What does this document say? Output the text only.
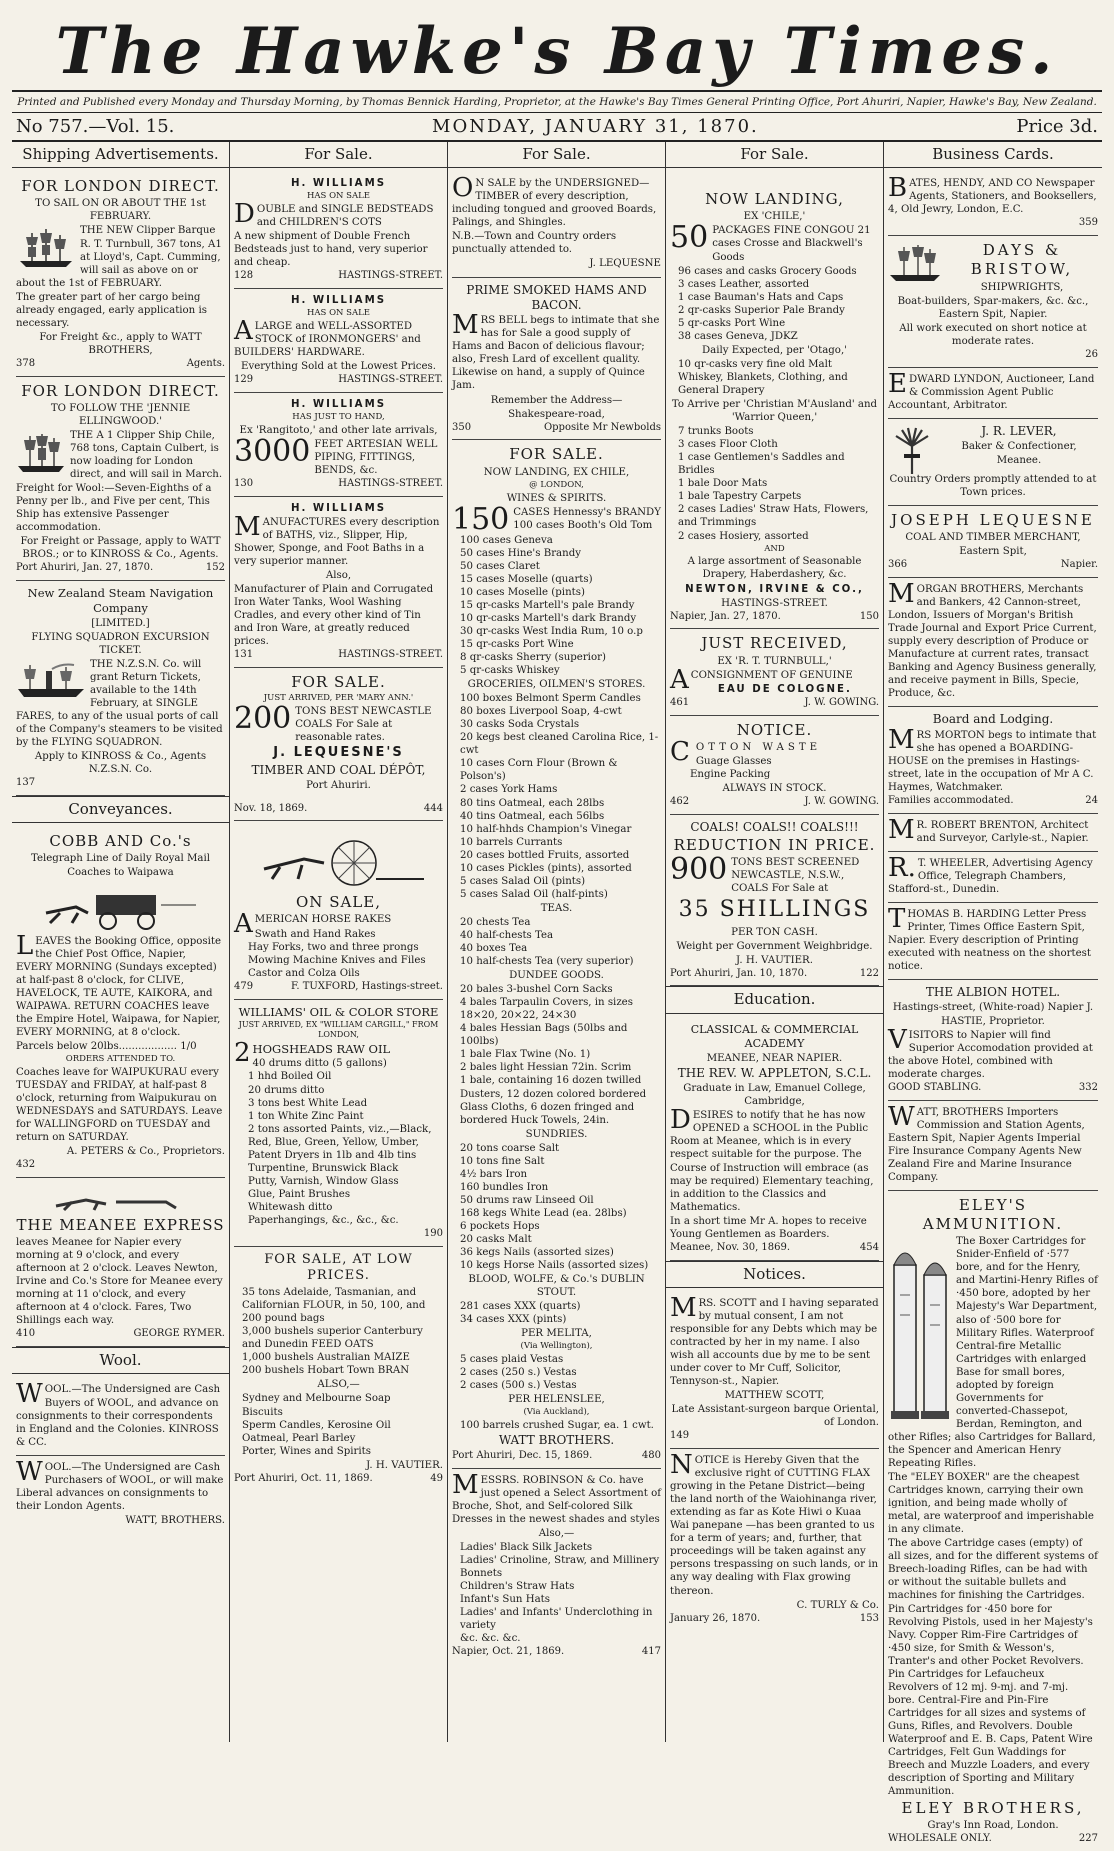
The Hawke's Bay Times.
Printed and Published every Monday and Thursday Morning, by Thomas Bennick Harding, Proprietor, at the Hawke's Bay Times General Printing Office, Port Ahuriri, Napier, Hawke's Bay, New Zealand.
No 757.—Vol. 15.	MONDAY, JANUARY 31, 1870.	Price 3d.
Shipping Advertisements.

FOR LONDON DIRECT.

TO SAIL ON OR ABOUT THE 1st FEBRUARY.

THE NEW Clipper Barque R. T. Turnbull, 367 tons, A1 at Lloyd's, Capt. Cumming, will sail as above on or about the 1st of FEBRUARY.

The greater part of her cargo being already engaged, early application is necessary.

For Freight &c., apply to WATT BROTHERS,

378	Agents.

FOR LONDON DIRECT.

TO FOLLOW THE 'JENNIE ELLINGWOOD.'

THE A 1 Clipper Ship Chile, 768 tons, Captain Culbert, is now loading for London direct, and will sail in March.

Freight for Wool:—Seven-Eighths of a Penny per lb., and Five per cent, This Ship has extensive Passenger accommodation.

For Freight or Passage, apply to WATT BROS.; or to KINROSS & Co., Agents.

Port Ahuriri, Jan. 27, 1870.	152

New Zealand Steam Navigation Company

[LIMITED.]

FLYING SQUADRON EXCURSION TICKET.

THE N.Z.S.N. Co. will grant Return Tickets, available to the 14th February, at SINGLE FARES, to any of the usual ports of call of the Company's steamers to be visited by the FLYING SQUADRON.

Apply to KINROSS & Co., Agents N.Z.S.N. Co.

137
Conveyances.

COBB AND Co.'s

Telegraph Line of Daily Royal Mail Coaches to Waipawa

LEAVES the Booking Office, opposite the Chief Post Office, Napier, EVERY MORNING (Sundays excepted) at half-past 8 o'clock, for CLIVE, HAVELOCK, TE AUTE, KAIKORA, and WAIPAWA. RETURN COACHES leave the Empire Hotel, Waipawa, for Napier, EVERY MORNING, at 8 o'clock.

Parcels below 20lbs.................. 1/0

ORDERS ATTENDED TO.

Coaches leave for WAIPUKURAU every TUESDAY and FRIDAY, at half-past 8 o'clock, returning from Waipukurau on WEDNESDAYS and SATURDAYS. Leave for WALLINGFORD on TUESDAY and return on SATURDAY.

A. PETERS & Co., Proprietors.

432

THE MEANEE EXPRESS

leaves Meanee for Napier every morning at 9 o'clock, and every afternoon at 2 o'clock. Leaves Newton, Irvine and Co.'s Store for Meanee every morning at 11 o'clock, and every afternoon at 4 o'clock. Fares, Two Shillings each way.

410	GEORGE RYMER.
Wool.

WOOL.—The Undersigned are Cash Buyers of WOOL, and advance on consignments to their correspondents in England and the Colonies. KINROSS & CC.

WOOL.—The Undersigned are Cash Purchasers of WOOL, or will make Liberal advances on consignments to their London Agents.

WATT, BROTHERS.

For Sale.

H. WILLIAMS

HAS ON SALE

DOUBLE and SINGLE BEDSTEADS and CHILDREN'S COTS

A new shipment of Double French Bedsteads just to hand, very superior and cheap.

128	HASTINGS-STREET.

H. WILLIAMS

HAS ON SALE

ALARGE and WELL-ASSORTED STOCK of IRONMONGERS' and BUILDERS' HARDWARE.

Everything Sold at the Lowest Prices.

129	HASTINGS-STREET.

H. WILLIAMS

HAS JUST TO HAND,

Ex 'Rangitoto,' and other late arrivals,

3000 FEET ARTESIAN WELL PIPING, FITTINGS, BENDS, &c.

130	HASTINGS-STREET.

H. WILLIAMS

MANUFACTURES every description of BATHS, viz., Slipper, Hip, Shower, Sponge, and Foot Baths in a very superior manner.

Also,

Manufacturer of Plain and Corrugated Iron Water Tanks, Wool Washing Cradles, and every other kind of Tin and Iron Ware, at greatly reduced prices.

131	HASTINGS-STREET.

FOR SALE.

JUST ARRIVED, PER 'MARY ANN.'

200 TONS BEST NEWCASTLE COALS For Sale at reasonable rates.

J. LEQUESNE'S

TIMBER AND COAL DÉPÔT,

Port Ahuriri.

Nov. 18, 1869.	444

ON SALE,

AMERICAN HORSE RAKES

Swath and Hand Rakes
Hay Forks, two and three prongs
Mowing Machine Knives and Files
Castor and Colza Oils

479	F. TUXFORD, Hastings-street.

WILLIAMS' OIL & COLOR STORE

JUST ARRIVED, EX "WILLIAM CARGILL," FROM LONDON,

2HOGSHEADS RAW OIL

40 drums ditto (5 gallons)
1 hhd Boiled Oil
20 drums ditto
3 tons best White Lead
1 ton White Zinc Paint
2 tons assorted Paints, viz.,—Black, Red, Blue, Green, Yellow, Umber, Patent Dryers in 1lb and 4lb tins
Turpentine, Brunswick Black
Putty, Varnish, Window Glass
Glue, Paint Brushes
Whitewash ditto
Paperhangings, &c., &c., &c.

190

FOR SALE, AT LOW PRICES.

35 tons Adelaide, Tasmanian, and Californian FLOUR, in 50, 100, and 200 pound bags
3,000 bushels superior Canterbury and Dunedin FEED OATS
1,000 bushels Australian MAIZE
200 bushels Hobart Town BRAN

ALSO,—

Sydney and Melbourne Soap
Biscuits
Sperm Candles, Kerosine Oil
Oatmeal, Pearl Barley
Porter, Wines and Spirits

J. H. VAUTIER.

Port Ahuriri, Oct. 11, 1869.	49
For Sale.

ON SALE by the UNDERSIGNED—TIMBER of every description, including tongued and grooved Boards, Palings, and Shingles.

N.B.—Town and Country orders punctually attended to.

J. LEQUESNE

PRIME SMOKED HAMS AND BACON.

MRS BELL begs to intimate that she has for Sale a good supply of Hams and Bacon of delicious flavour; also, Fresh Lard of excellent quality. Likewise on hand, a supply of Quince Jam.

Remember the Address—

Shakespeare-road,

350	Opposite Mr Newbolds

FOR SALE.

NOW LANDING, EX CHILE,

@ LONDON,

WINES & SPIRITS.

150 CASES Hennessy's BRANDY 100 cases Booth's Old Tom

100 cases Geneva
50 cases Hine's Brandy
50 cases Claret
15 cases Moselle (quarts)
10 cases Moselle (pints)
15 qr-casks Martell's pale Brandy
10 qr-casks Martell's dark Brandy
30 qr-casks West India Rum, 10 o.p
15 qr-casks Port Wine
8 qr-casks Sherry (superior)
5 qr-casks Whiskey

GROCERIES, OILMEN'S STORES.

100 boxes Belmont Sperm Candles
80 boxes Liverpool Soap, 4-cwt
30 casks Soda Crystals
20 kegs best cleaned Carolina Rice, 1-cwt
10 cases Corn Flour (Brown & Polson's)
2 cases York Hams
80 tins Oatmeal, each 28lbs
40 tins Oatmeal, each 56lbs
10 half-hhds Champion's Vinegar
10 barrels Currants
20 cases bottled Fruits, assorted
10 cases Pickles (pints), assorted
5 cases Salad Oil (pints)
5 cases Salad Oil (half-pints)

TEAS.

20 chests Tea
40 half-chests Tea
40 boxes Tea
10 half-chests Tea (very superior)

DUNDEE GOODS.

20 bales 3-bushel Corn Sacks
4 bales Tarpaulin Covers, in sizes 18×20, 20×22, 24×30
4 bales Hessian Bags (50lbs and 100lbs)
1 bale Flax Twine (No. 1)
2 bales light Hessian 72in. Scrim
1 bale, containing 16 dozen twilled Dusters, 12 dozen colored bordered Glass Cloths, 6 dozen fringed and bordered Huck Towels, 24in.

SUNDRIES.

20 tons coarse Salt
10 tons fine Salt
4½ bars Iron
160 bundles Iron
50 drums raw Linseed Oil
168 kegs White Lead (ea. 28lbs)
6 pockets Hops
20 casks Malt
36 kegs Nails (assorted sizes)
10 kegs Horse Nails (assorted sizes)

BLOOD, WOLFE, & Co.'s DUBLIN STOUT.

281 cases XXX (quarts)
34 cases XXX (pints)

PER MELITA,

(Via Wellington),

5 cases plaid Vestas
2 cases (250 s.) Vestas
2 cases (500 s.) Vestas

PER HELENSLEE,

(Via Auckland),

100 barrels crushed Sugar, ea. 1 cwt.

WATT BROTHERS.

Port Ahuriri, Dec. 15, 1869.	480

MESSRS. ROBINSON & Co. have just opened a Select Assortment of Broche, Shot, and Self-colored Silk Dresses in the newest shades and styles

Also,—

Ladies' Black Silk Jackets
Ladies' Crinoline, Straw, and Millinery Bonnets
Children's Straw Hats
Infant's Sun Hats
Ladies' and Infants' Underclothing in variety
&c. &c. &c.

Napier, Oct. 21, 1869.	417
For Sale.

NOW LANDING,

EX 'CHILE,'

50 PACKAGES FINE CONGOU 21 cases Crosse and Blackwell's Goods

96 cases and casks Grocery Goods
3 cases Leather, assorted
1 case Bauman's Hats and Caps
2 qr-casks Superior Pale Brandy
5 qr-casks Port Wine
38 cases Geneva, JDKZ

Daily Expected, per 'Otago,'

10 qr-casks very fine old Malt Whiskey, Blankets, Clothing, and General Drapery

To Arrive per 'Christian M'Ausland' and 'Warrior Queen,'

7 trunks Boots
3 cases Floor Cloth
1 case Gentlemen's Saddles and Bridles
1 bale Door Mats
1 bale Tapestry Carpets
2 cases Ladies' Straw Hats, Flowers, and Trimmings
2 cases Hosiery, assorted

AND

A large assortment of Seasonable Drapery, Haberdashery, &c.

NEWTON, IRVINE & CO.,

HASTINGS-STREET.

Napier, Jan. 27, 1870.	150

JUST RECEIVED,

EX 'R. T. TURNBULL,'

ACONSIGNMENT OF GENUINE

EAU DE COLOGNE.

461	J. W. GOWING.

NOTICE.

COTTON WASTE

Guage Glasses
Engine Packing

ALWAYS IN STOCK.

462	J. W. GOWING.

COALS! COALS!! COALS!!!

REDUCTION IN PRICE.

900 TONS BEST SCREENED NEWCASTLE, N.S.W., COALS For Sale at

35 SHILLINGS

PER TON CASH.

Weight per Government Weighbridge.

J. H. VAUTIER.

Port Ahuriri, Jan. 10, 1870.	122
Education.

CLASSICAL & COMMERCIAL ACADEMY

MEANEE, NEAR NAPIER.

THE REV. W. APPLETON, S.C.L.

Graduate in Law, Emanuel College, Cambridge,

DESIRES to notify that he has now OPENED a SCHOOL in the Public Room at Meanee, which is in every respect suitable for the purpose. The Course of Instruction will embrace (as may be required) Elementary teaching, in addition to the Classics and Mathematics.

In a short time Mr A. hopes to receive Young Gentlemen as Boarders.

Meanee, Nov. 30, 1869.	454
Notices.

MRS. SCOTT and I having separated by mutual consent, I am not responsible for any Debts which may be contracted by her in my name. I also wish all accounts due by me to be sent under cover to Mr Cuff, Solicitor, Tennyson-st., Napier.

MATTHEW SCOTT,

Late Assistant-surgeon barque Oriental, of London.

149

NOTICE is Hereby Given that the exclusive right of CUTTING FLAX growing in the Petane District—being the land north of the Waiohinanga river, extending as far as Kote Hiwi o Kuaa Wai panepane —has been granted to us for a term of years; and, further, that proceedings will be taken against any persons trespassing on such lands, or in any way dealing with Flax growing thereon.

C. TURLY & Co.

January 26, 1870.	153
Business Cards.

BATES, HENDY, AND CO Newspaper Agents, Stationers, and Booksellers, 4, Old Jewry, London, E.C.

359

DAYS & BRISTOW,

SHIPWRIGHTS,

Boat-builders, Spar-makers, &c. &c., Eastern Spit, Napier.

All work executed on short notice at moderate rates.

26

EDWARD LYNDON, Auctioneer, Land & Commission Agent Public Accountant, Arbitrator.

J. R. LEVER,

Baker & Confectioner,

Meanee.

Country Orders promptly attended to at Town prices.

JOSEPH LEQUESNE

COAL AND TIMBER MERCHANT,

Eastern Spit,

366	Napier.

MORGAN BROTHERS, Merchants and Bankers, 42 Cannon-street, London, Issuers of Morgan's British Trade Journal and Export Price Current, supply every description of Produce or Manufacture at current rates, transact Banking and Agency Business generally, and receive payment in Bills, Specie, Produce, &c.

Board and Lodging.

MRS MORTON begs to intimate that she has opened a BOARDING-HOUSE on the premises in Hastings-street, late in the occupation of Mr A C. Haymes, Watchmaker.

Families accommodated.	24

MR. ROBERT BRENTON, Architect and Surveyor, Carlyle-st., Napier.

R.T. WHEELER, Advertising Agency Office, Telegraph Chambers, Stafford-st., Dunedin.

THOMAS B. HARDING Letter Press Printer, Times Office Eastern Spit, Napier. Every description of Printing executed with neatness on the shortest notice.

THE ALBION HOTEL.

Hastings-street, (White-road) Napier J. HASTIE, Proprietor.

VISITORS to Napier will find Superior Accomodation provided at the above Hotel, combined with moderate charges.

GOOD STABLING.	332

WATT, BROTHERS Importers Commission and Station Agents, Eastern Spit, Napier Agents Imperial Fire Insurance Company Agents New Zealand Fire and Marine Insurance Company.

ELEY'S AMMUNITION.

The Boxer Cartridges for Snider-Enfield of ·577 bore, and for the Henry, and Martini-Henry Rifles of ·450 bore, adopted by her Majesty's War Department, also of ·500 bore for Military Rifles. Waterproof Central-fire Metallic Cartridges with enlarged Base for small bores, adopted by foreign Governments for converted-Chassepot, Berdan, Remington, and other Rifles; also Cartridges for Ballard, the Spencer and American Henry Repeating Rifles.

The "ELEY BOXER" are the cheapest Cartridges known, carrying their own ignition, and being made wholly of metal, are waterproof and imperishable in any climate.

The above Cartridge cases (empty) of all sizes, and for the different systems of Breech-loading Rifles, can be had with or without the suitable bullets and machines for finishing the Cartridges. Pin Cartridges for ·450 bore for Revolving Pistols, used in her Majesty's Navy. Copper Rim-Fire Cartridges of ·450 size, for Smith & Wesson's, Tranter's and other Pocket Revolvers. Pin Cartridges for Lefaucheux Revolvers of 12 mj. 9-mj. and 7-mj. bore. Central-Fire and Pin-Fire Cartridges for all sizes and systems of Guns, Rifles, and Revolvers. Double Waterproof and E. B. Caps, Patent Wire Cartridges, Felt Gun Waddings for Breech and Muzzle Loaders, and every description of Sporting and Military Ammunition.

ELEY BROTHERS,

Gray's Inn Road, London.

WHOLESALE ONLY.	227
